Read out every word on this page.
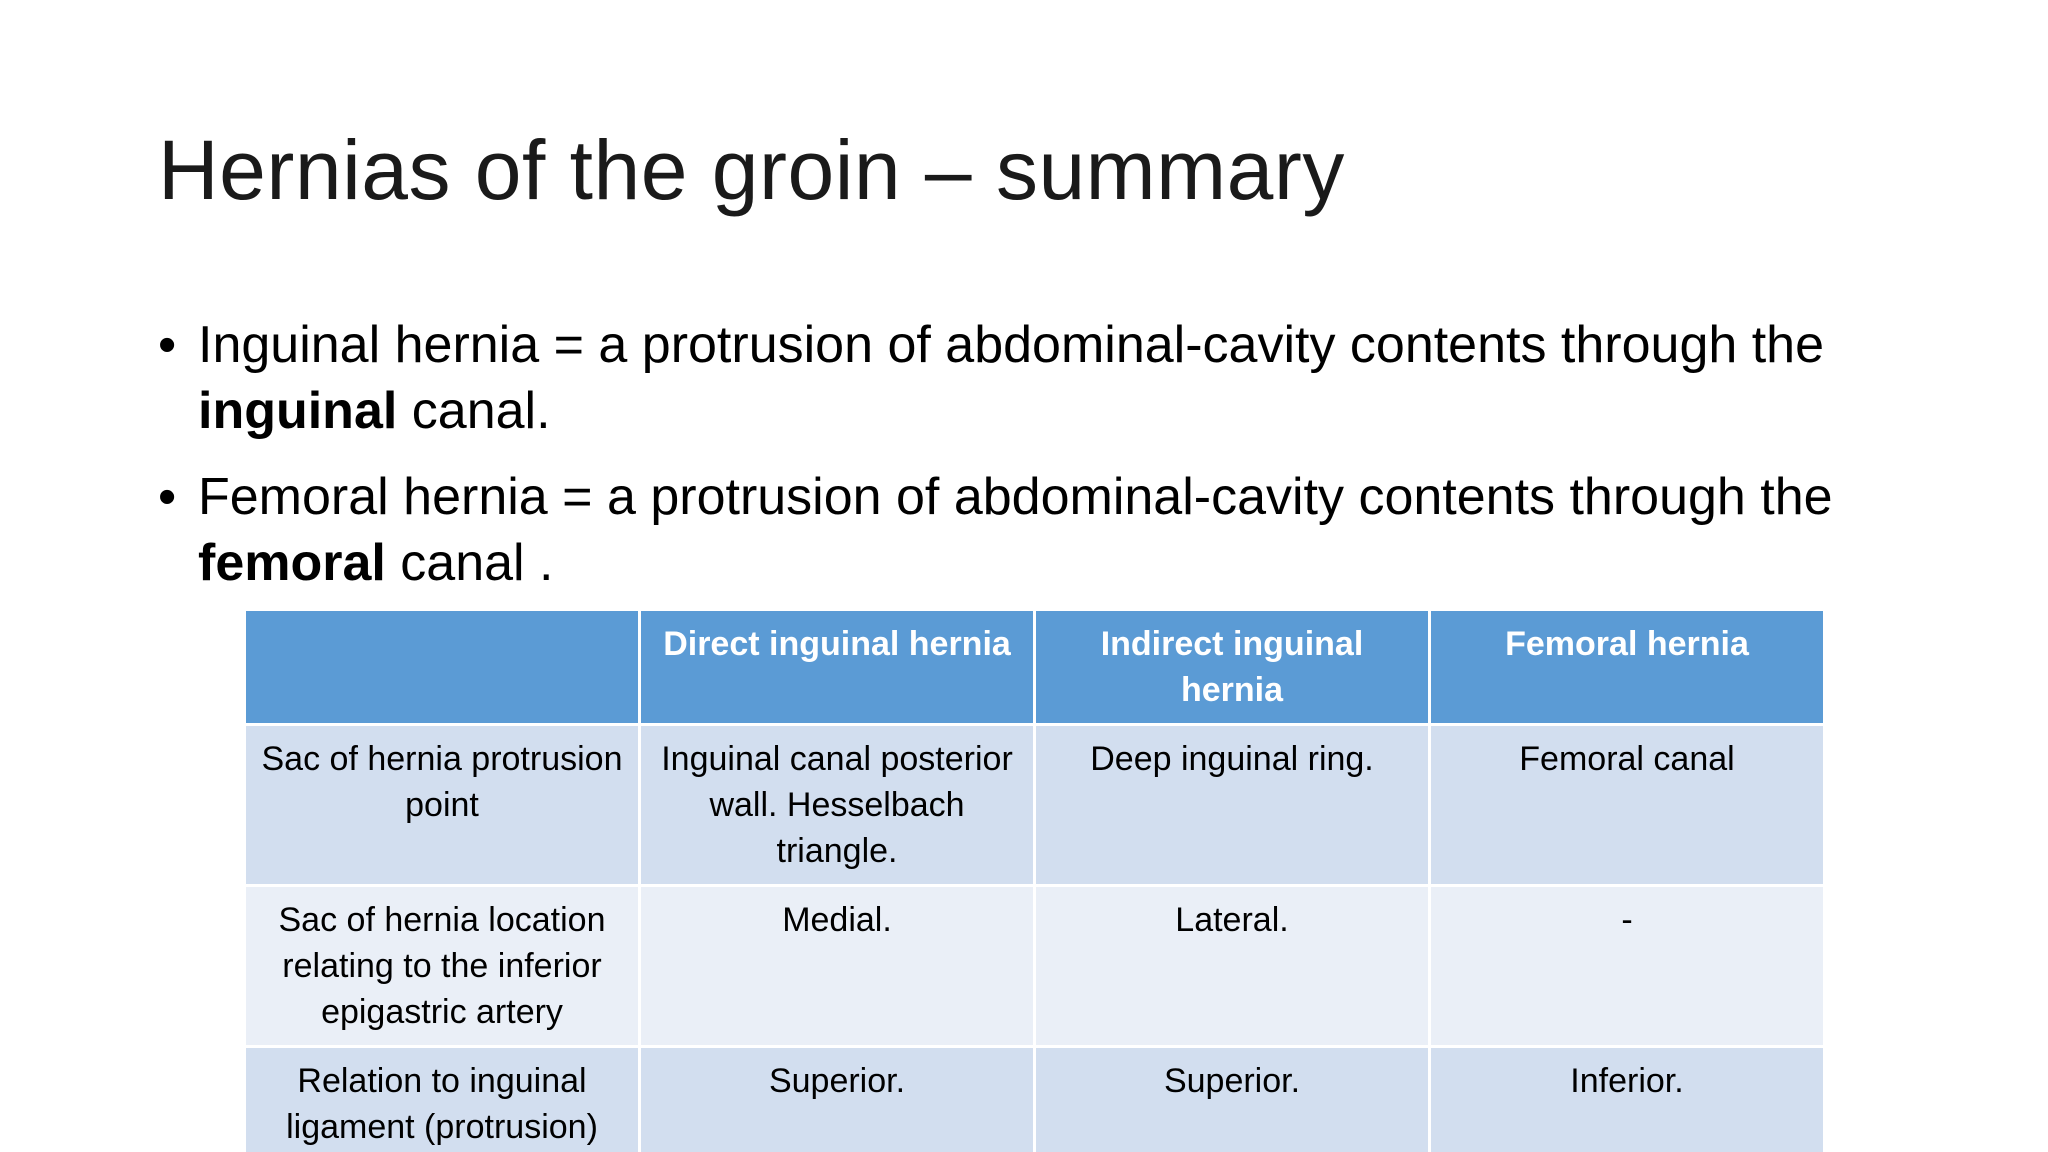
Hernias of the groin – summary
• Inguinal hernia = a protrusion of abdominal-cavity contents through the inguinal canal.
• Femoral hernia = a protrusion of abdominal-cavity contents through the femoral canal .
	Direct inguinal hernia	Indirect inguinal hernia	Femoral hernia
Sac of hernia protrusion point	Inguinal canal posterior wall. Hesselbach triangle.	Deep inguinal ring.	Femoral canal
Sac of hernia location relating to the inferior epigastric artery	Medial.	Lateral.	-
Relation to inguinal ligament (protrusion)	Superior.	Superior.	Inferior.
